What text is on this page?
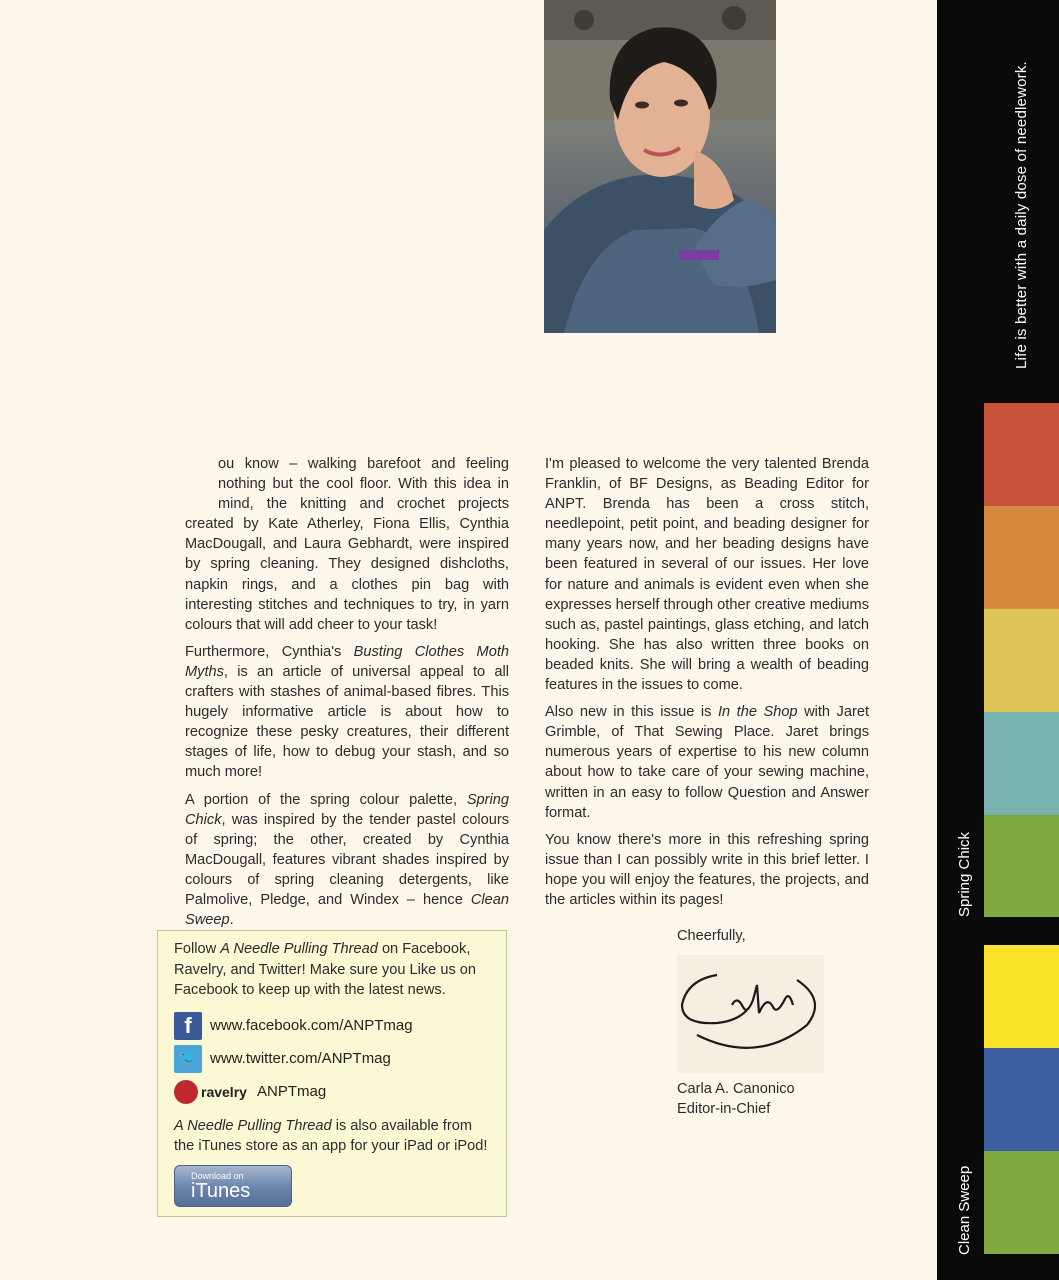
ou know – walking barefoot and feeling nothing but the cool floor. With this idea in mind, the knitting and crochet projects created by Kate Atherley, Fiona Ellis, Cynthia MacDougall, and Laura Gebhardt, were inspired by spring cleaning. They designed dishcloths, napkin rings, and a clothes pin bag with interesting stitches and techniques to try, in yarn colours that will add cheer to your task!

Furthermore, Cynthia's Busting Clothes Moth Myths, is an article of universal appeal to all crafters with stashes of animal-based fibres. This hugely informative article is about how to recognize these pesky creatures, their different stages of life, how to debug your stash, and so much more!

A portion of the spring colour palette, Spring Chick, was inspired by the tender pastel colours of spring; the other, created by Cynthia MacDougall, features vibrant shades inspired by colours of spring cleaning detergents, like Palmolive, Pledge, and Windex – hence Clean Sweep.

I'm pleased to welcome the very talented Brenda Franklin, of BF Designs, as Beading Editor for ANPT. Brenda has been a cross stitch, needlepoint, petit point, and beading designer for many years now, and her beading designs have been featured in several of our issues. Her love for nature and animals is evident even when she expresses herself through other creative mediums such as, pastel paintings, glass etching, and latch hooking. She has also written three books on beaded knits. She will bring a wealth of beading features in the issues to come.

Also new in this issue is In the Shop with Jaret Grimble, of That Sewing Place. Jaret brings numerous years of expertise to his new column about how to take care of your sewing machine, written in an easy to follow Question and Answer format.

You know there's more in this refreshing spring issue than I can possibly write in this brief letter. I hope you will enjoy the features, the projects, and the articles within its pages!

Follow A Needle Pulling Thread on Facebook, Ravelry, and Twitter! Make sure you Like us on Facebook to keep up with the latest news.

f	www.facebook.com/ANPTmag
🐦 www.twitter.com/ANPTmag
ravelry ANPTmag

A Needle Pulling Thread is also available from the iTunes store as an app for your iPad or iPod!

Download on
iTunes
Cheerfully,
Carla A. Canonico
Editor-in-Chief
Life is better with a daily dose of needlework.
Spring Chick
Clean Sweep
